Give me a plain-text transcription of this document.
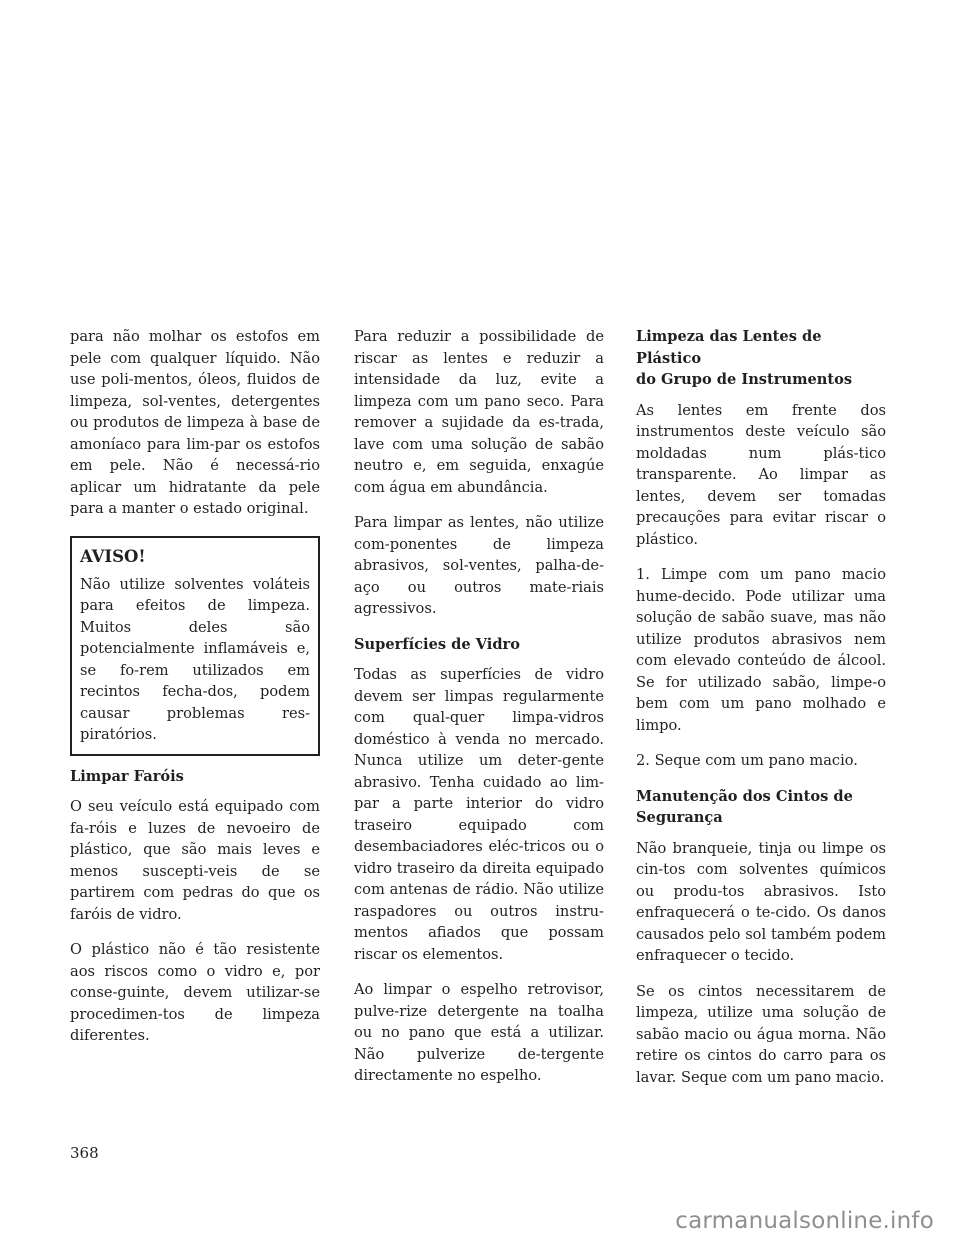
para não molhar os estofos em pele com qualquer líquido. Não use poli-mentos, óleos, fluidos de limpeza, sol-ventes, detergentes ou produtos de limpeza à base de amoníaco para lim-par os estofos em pele. Não é necessá-rio aplicar um hidratante da pele para a manter o estado original.

AVISO!

Não utilize solventes voláteis para efeitos de limpeza. Muitos deles são potencialmente inflamáveis e, se fo-rem utilizados em recintos fecha-dos, podem causar problemas res-piratórios.

Limpar Faróis

O seu veículo está equipado com fa-róis e luzes de nevoeiro de plástico, que são mais leves e menos suscepti-veis de se partirem com pedras do que os faróis de vidro.

O plástico não é tão resistente aos riscos como o vidro e, por conse-guinte, devem utilizar-se procedimen-tos de limpeza diferentes.

Para reduzir a possibilidade de riscar as lentes e reduzir a intensidade da luz, evite a limpeza com um pano seco. Para remover a sujidade da es-trada, lave com uma solução de sabão neutro e, em seguida, enxagúe com água em abundância.

Para limpar as lentes, não utilize com-ponentes de limpeza abrasivos, sol-ventes, palha-de-aço ou outros mate-riais agressivos.

Superfícies de Vidro

Todas as superfícies de vidro devem ser limpas regularmente com qual-quer limpa-vidros doméstico à venda no mercado. Nunca utilize um deter-gente abrasivo. Tenha cuidado ao lim-par a parte interior do vidro traseiro equipado com desembaciadores eléc-tricos ou o vidro traseiro da direita equipado com antenas de rádio. Não utilize raspadores ou outros instru-mentos afiados que possam riscar os elementos.

Ao limpar o espelho retrovisor, pulve-rize detergente na toalha ou no pano que está a utilizar. Não pulverize de-tergente directamente no espelho.

Limpeza das Lentes de Plástico
do Grupo de Instrumentos

As lentes em frente dos instrumentos deste veículo são moldadas num plás-tico transparente. Ao limpar as lentes, devem ser tomadas precauções para evitar riscar o plástico.

1. Limpe com um pano macio hume-decido. Pode utilizar uma solução de sabão suave, mas não utilize produtos abrasivos nem com elevado conteúdo de álcool. Se for utilizado sabão, limpe-o bem com um pano molhado e limpo.

2. Seque com um pano macio.

Manutenção dos Cintos de
Segurança

Não branqueie, tinja ou limpe os cin-tos com solventes químicos ou produ-tos abrasivos. Isto enfraquecerá o te-cido. Os danos causados pelo sol também podem enfraquecer o tecido.

Se os cintos necessitarem de limpeza, utilize uma solução de sabão macio ou água morna. Não retire os cintos do carro para os lavar. Seque com um pano macio.

368
carmanualsonline.info
